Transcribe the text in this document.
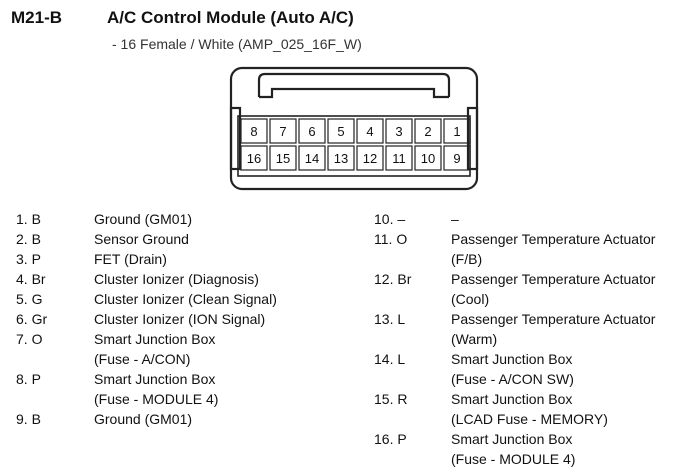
M21-B	A/C Control Module (Auto A/C)
- 16 Female / White (AMP_025_16F_W)
8 7 6 5 4 3 2 1
16 15 14 13 12 11 10 9
1. B	Ground (GM01)
2. B	Sensor Ground
3. P	FET (Drain)
4. Br	Cluster Ionizer (Diagnosis)
5. G	Cluster Ionizer (Clean Signal)
6. Gr	Cluster Ionizer (ION Signal)
7. O	Smart Junction Box
(Fuse - A/CON)
8. P	Smart Junction Box
(Fuse - MODULE 4)
9. B	Ground (GM01)
10. –	–
11. O	Passenger Temperature Actuator
(F/B)
12. Br	Passenger Temperature Actuator
(Cool)
13. L	Passenger Temperature Actuator
(Warm)
14. L	Smart Junction Box
(Fuse - A/CON SW)
15. R	Smart Junction Box
(LCAD Fuse - MEMORY)
16. P	Smart Junction Box
(Fuse - MODULE 4)
